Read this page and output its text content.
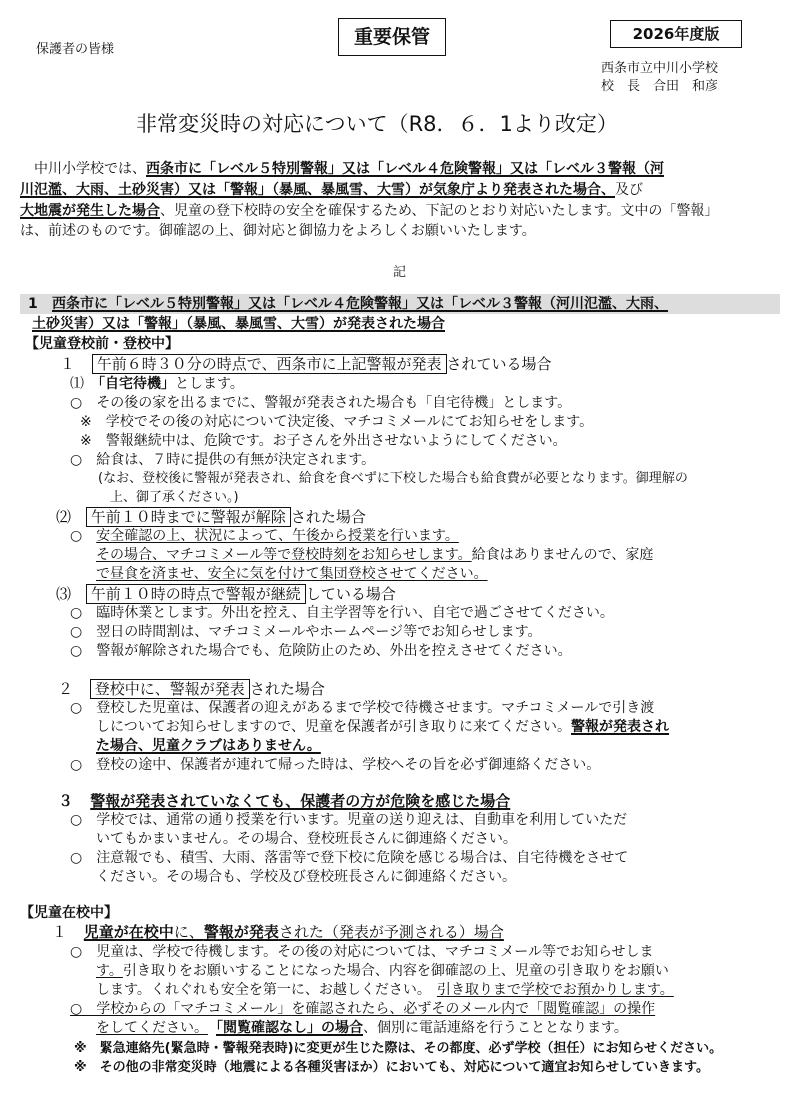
保護者の皆様
重要保管	2026年度版
西条市立中川小学校
校　長　合田　和彦
非常変災時の対応について（R8．６．1より改定）
中川小学校では、西条市に「レベル５特別警報」又は「レベル４危険警報」又は「レベル３警報（河
川氾濫、大雨、土砂災害）又は「警報」（暴風、暴風雪、大雪）が気象庁より発表された場合、及び
大地震が発生した場合、児童の登下校時の安全を確保するため、下記のとおり対応いたします。文中の「警報」
は、前述のものです。御確認の上、御対応と御協力をよろしくお願いいたします。
記
1 西条市に「レベル５特別警報」又は「レベル４危険警報」又は「レベル３警報（河川氾濫、大雨、
土砂災害）又は「警報」（暴風、暴風雪、大雪）が発表された場合
【児童登校前・登校中】
１ 午前６時３０分の時点で、西条市に上記警報が発表 されている場合
⑴　 「自宅待機」とします。
○　その後の家を出るまでに、警報が発表された場合も「自宅待機」とします。
※　学校でその後の対応について決定後、マチコミメールにてお知らせをします。
※　警報継続中は、危険です。お子さんを外出させないようにしてください。
○　給食は、７時に提供の有無が決定されます。
(なお、登校後に警報が発表され、給食を食べずに下校した場合も給食費が必要となります。御理解の
上、御了承ください。)
⑵ 午前１０時までに警報が解除 された場合
○　安全確認の上、状況によって、午後から授業を行います。
その場合、マチコミメール等で登校時刻をお知らせします。給食はありませんので、家庭
で昼食を済ませ、安全に気を付けて集団登校させてください。
⑶ 午前１０時の時点で警報が継続 している場合
○　臨時休業とします。外出を控え、自主学習等を行い、自宅で過ごさせてください。
○　翌日の時間割は、マチコミメールやホームページ等でお知らせします。
○　警報が解除された場合でも、危険防止のため、外出を控えさせてください。
２ 登校中に、警報が発表 された場合
○　登校した児童は、保護者の迎えがあるまで学校で待機させます。マチコミメールで引き渡
しについてお知らせしますので、児童を保護者が引き取りに来てください。警報が発表され
た場合、児童クラブはありません。
○　登校の途中、保護者が連れて帰った時は、学校へその旨を必ず御連絡ください。
３ 警報が発表されていなくても、保護者の方が危険を感じた場合
○　学校では、通常の通り授業を行います。児童の送り迎えは、自動車を利用していただ
いてもかまいません。その場合、登校班長さんに御連絡ください。
○　注意報でも、積雪、大雨、落雷等で登下校に危険を感じる場合は、自宅待機をさせて
ください。その場合も、学校及び登校班長さんに御連絡ください。
【児童在校中】
１ 児童が在校中に、警報が発表された（発表が予測される）場合
○　児童は、学校で待機します。その後の対応については、マチコミメール等でお知らせしま
す。引き取りをお願いすることになった場合、内容を御確認の上、児童の引き取りをお願い
します。くれぐれも安全を第一に、お越しください。 引き取りまで学校でお預かりします。
○　学校からの「マチコミメール」を確認されたら、必ずそのメール内で「閲覧確認」の操作
をしてください。 「閲覧確認なし」の場合、個別に電話連絡を行うこととなります。
※　緊急連絡先(緊急時・警報発表時)に変更が生じた際は、その都度、必ず学校（担任）にお知らせください。
※　その他の非常変災時（地震による各種災害ほか）においても、対応について適宜お知らせしていきます。
